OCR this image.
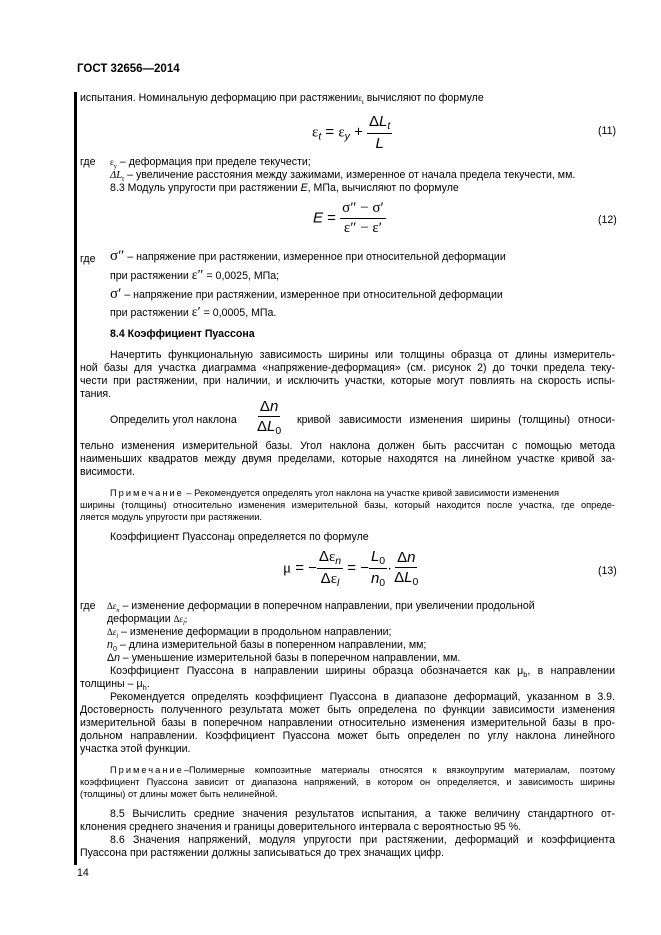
ГОСТ 32656—2014
испытания. Номинальную деформацию при растяженииε$_t$ вычисляют по формуле
$\varepsilon_t = \varepsilon_y + \frac{\Delta L_t}{L}$	(11)
где $\varepsilon_y$ – деформация при пределе текучести;
$\Delta L_t$ – увеличение расстояния между зажимами, измеренное от начала предела текучести, мм.
8.3 Модуль упругости при растяжении E, МПа, вычисляют по формуле
$E = \frac{\sigma'' - \sigma'}{\varepsilon'' - \varepsilon'}$	(12)
где σ″ – напряжение при растяжении, измеренное при относительной деформации
при растяжении ε″ = 0,0025, МПа;
σ′ – напряжение при растяжении, измеренное при относительной деформации
при растяжении ε′ = 0,0005, МПа.
8.4 Коэффициент Пуассона
Начертить функциональную зависимость ширины или толщины образца от длины измеритель-
ной базы для участка диаграмма «напряжение-деформация» (см. рисунок 2) до точки предела теку-
чести при растяжении, при наличии, и исключить участки, которые могут повлиять на скорость испы-
тания.
Определить угол наклона $\frac{\Delta n}{\Delta L_0}$ кривой зависимости изменения ширины (толщины) относи-
тельно изменения измерительной базы. Угол наклона должен быть рассчитан с помощью метода
наименьших квадратов между двумя пределами, которые находятся на линейном участке кривой за-
висимости.
Примечание – Рекомендуется определять угол наклона на участке кривой зависимости изменения
ширины (толщины) относительно изменения измерительной базы, который находится после участка, где опреде-
ляется модуль упругости при растяжении.
Коэффициент Пуассонаμ определяется по формуле
μ = − $\frac{\Delta\varepsilon_n}{\Delta\varepsilon_l}$ = − $\frac{L_0}{n_0} \cdot \frac{\Delta n}{\Delta L_0}$	(13)
где $\Delta\varepsilon_n$ – изменение деформации в поперечном направлении, при увеличении продольной
деформации $\Delta\varepsilon_l$;
$\Delta\varepsilon_l$ – изменение деформации в продольном направлении;
$n_0$ – длина измерительной базы в поперенном направлении, мм;
Δn – уменьшение измерительной базы в поперечном направлении, мм.
Коэффициент Пуассона в направлении ширины образца обозначается как $\mu_b$, в направлении
толщины – $\mu_h$.
Рекомендуется определять коэффициент Пуассона в диапазоне деформаций, указанном в 3.9.
Достоверность полученного результата может быть определена по функции зависимости изменения
измерительной базы в поперечном направлении относительно изменения измерительной базы в про-
дольном направлении. Коэффициент Пуассона может быть определен по углу наклона линейного
участка этой функции.
Примечание–Полимерные композитные материалы относятся к вязкоупругим материалам, поэтому
коэффициент Пуассона зависит от диапазона напряжений, в котором он определяется, и зависимость ширины
(толщины) от длины может быть нелинейной.
8.5 Вычислить средние значения результатов испытания, а также величину стандартного от-
клонения среднего значения и границы доверительного интервала с вероятностью 95 %.
8.6 Значения напряжений, модуля упругости при растяжении, деформаций и коэффициента
Пуассона при растяжении должны записываться до трех значащих цифр.
14
